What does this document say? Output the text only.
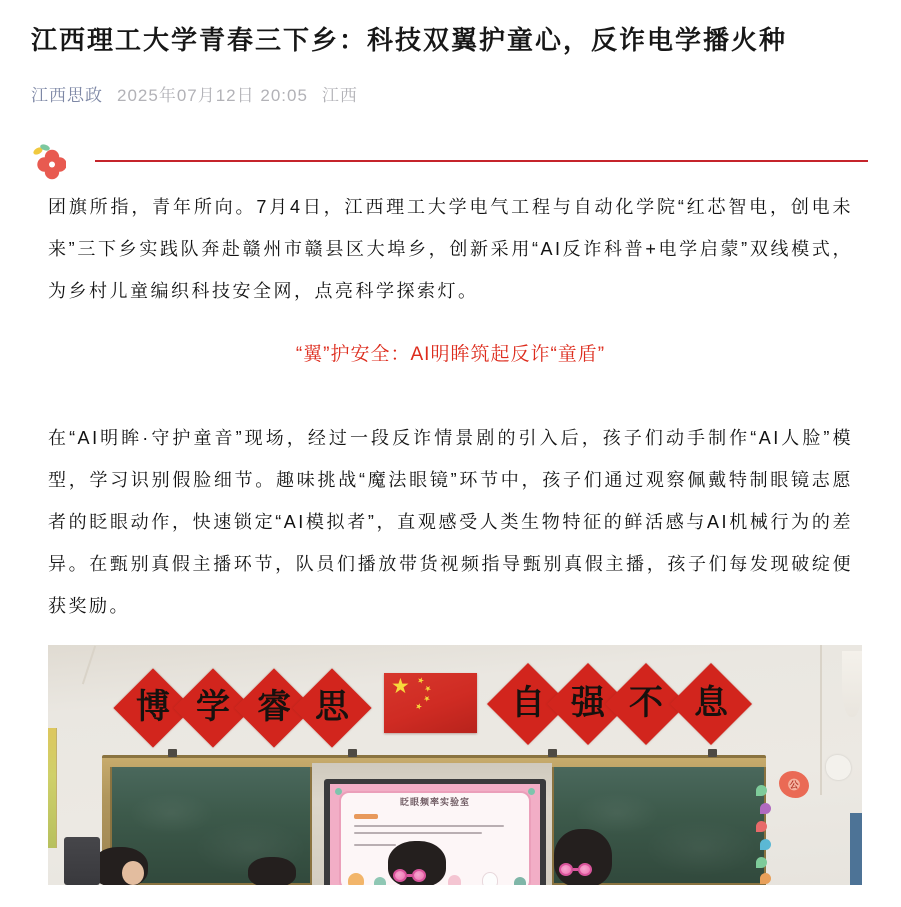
江西理工大学青春三下乡：科技双翼护童心，反诈电学播火种
江西思政 2025年07月12日 20:05 江西

团旗所指，青年所向。7月4日，江西理工大学电气工程与自动化学院“红芯智电，创电未来”三下乡实践队奔赴赣州市赣县区大埠乡，创新采用“AI反诈科普+电学启蒙”双线模式，为乡村儿童编织科技安全网，点亮科学探索灯。

“翼”护安全：AI明眸筑起反诈“童盾”

在“AI明眸·守护童音”现场，经过一段反诈情景剧的引入后，孩子们动手制作“AI人脸”模型，学习识别假脸细节。趣味挑战“魔法眼镜”环节中，孩子们通过观察佩戴特制眼镜志愿者的眨眼动作，快速锁定“AI模拟者”，直观感受人类生物特征的鲜活感与AI机械行为的差异。在甄别真假主播环节，队员们播放带货视频指导甄别真假主播，孩子们每发现破绽便获奖励。

博 学 睿 思
★ ★
★
★
★	自 强 不 息
眨眼频率实验室
公
